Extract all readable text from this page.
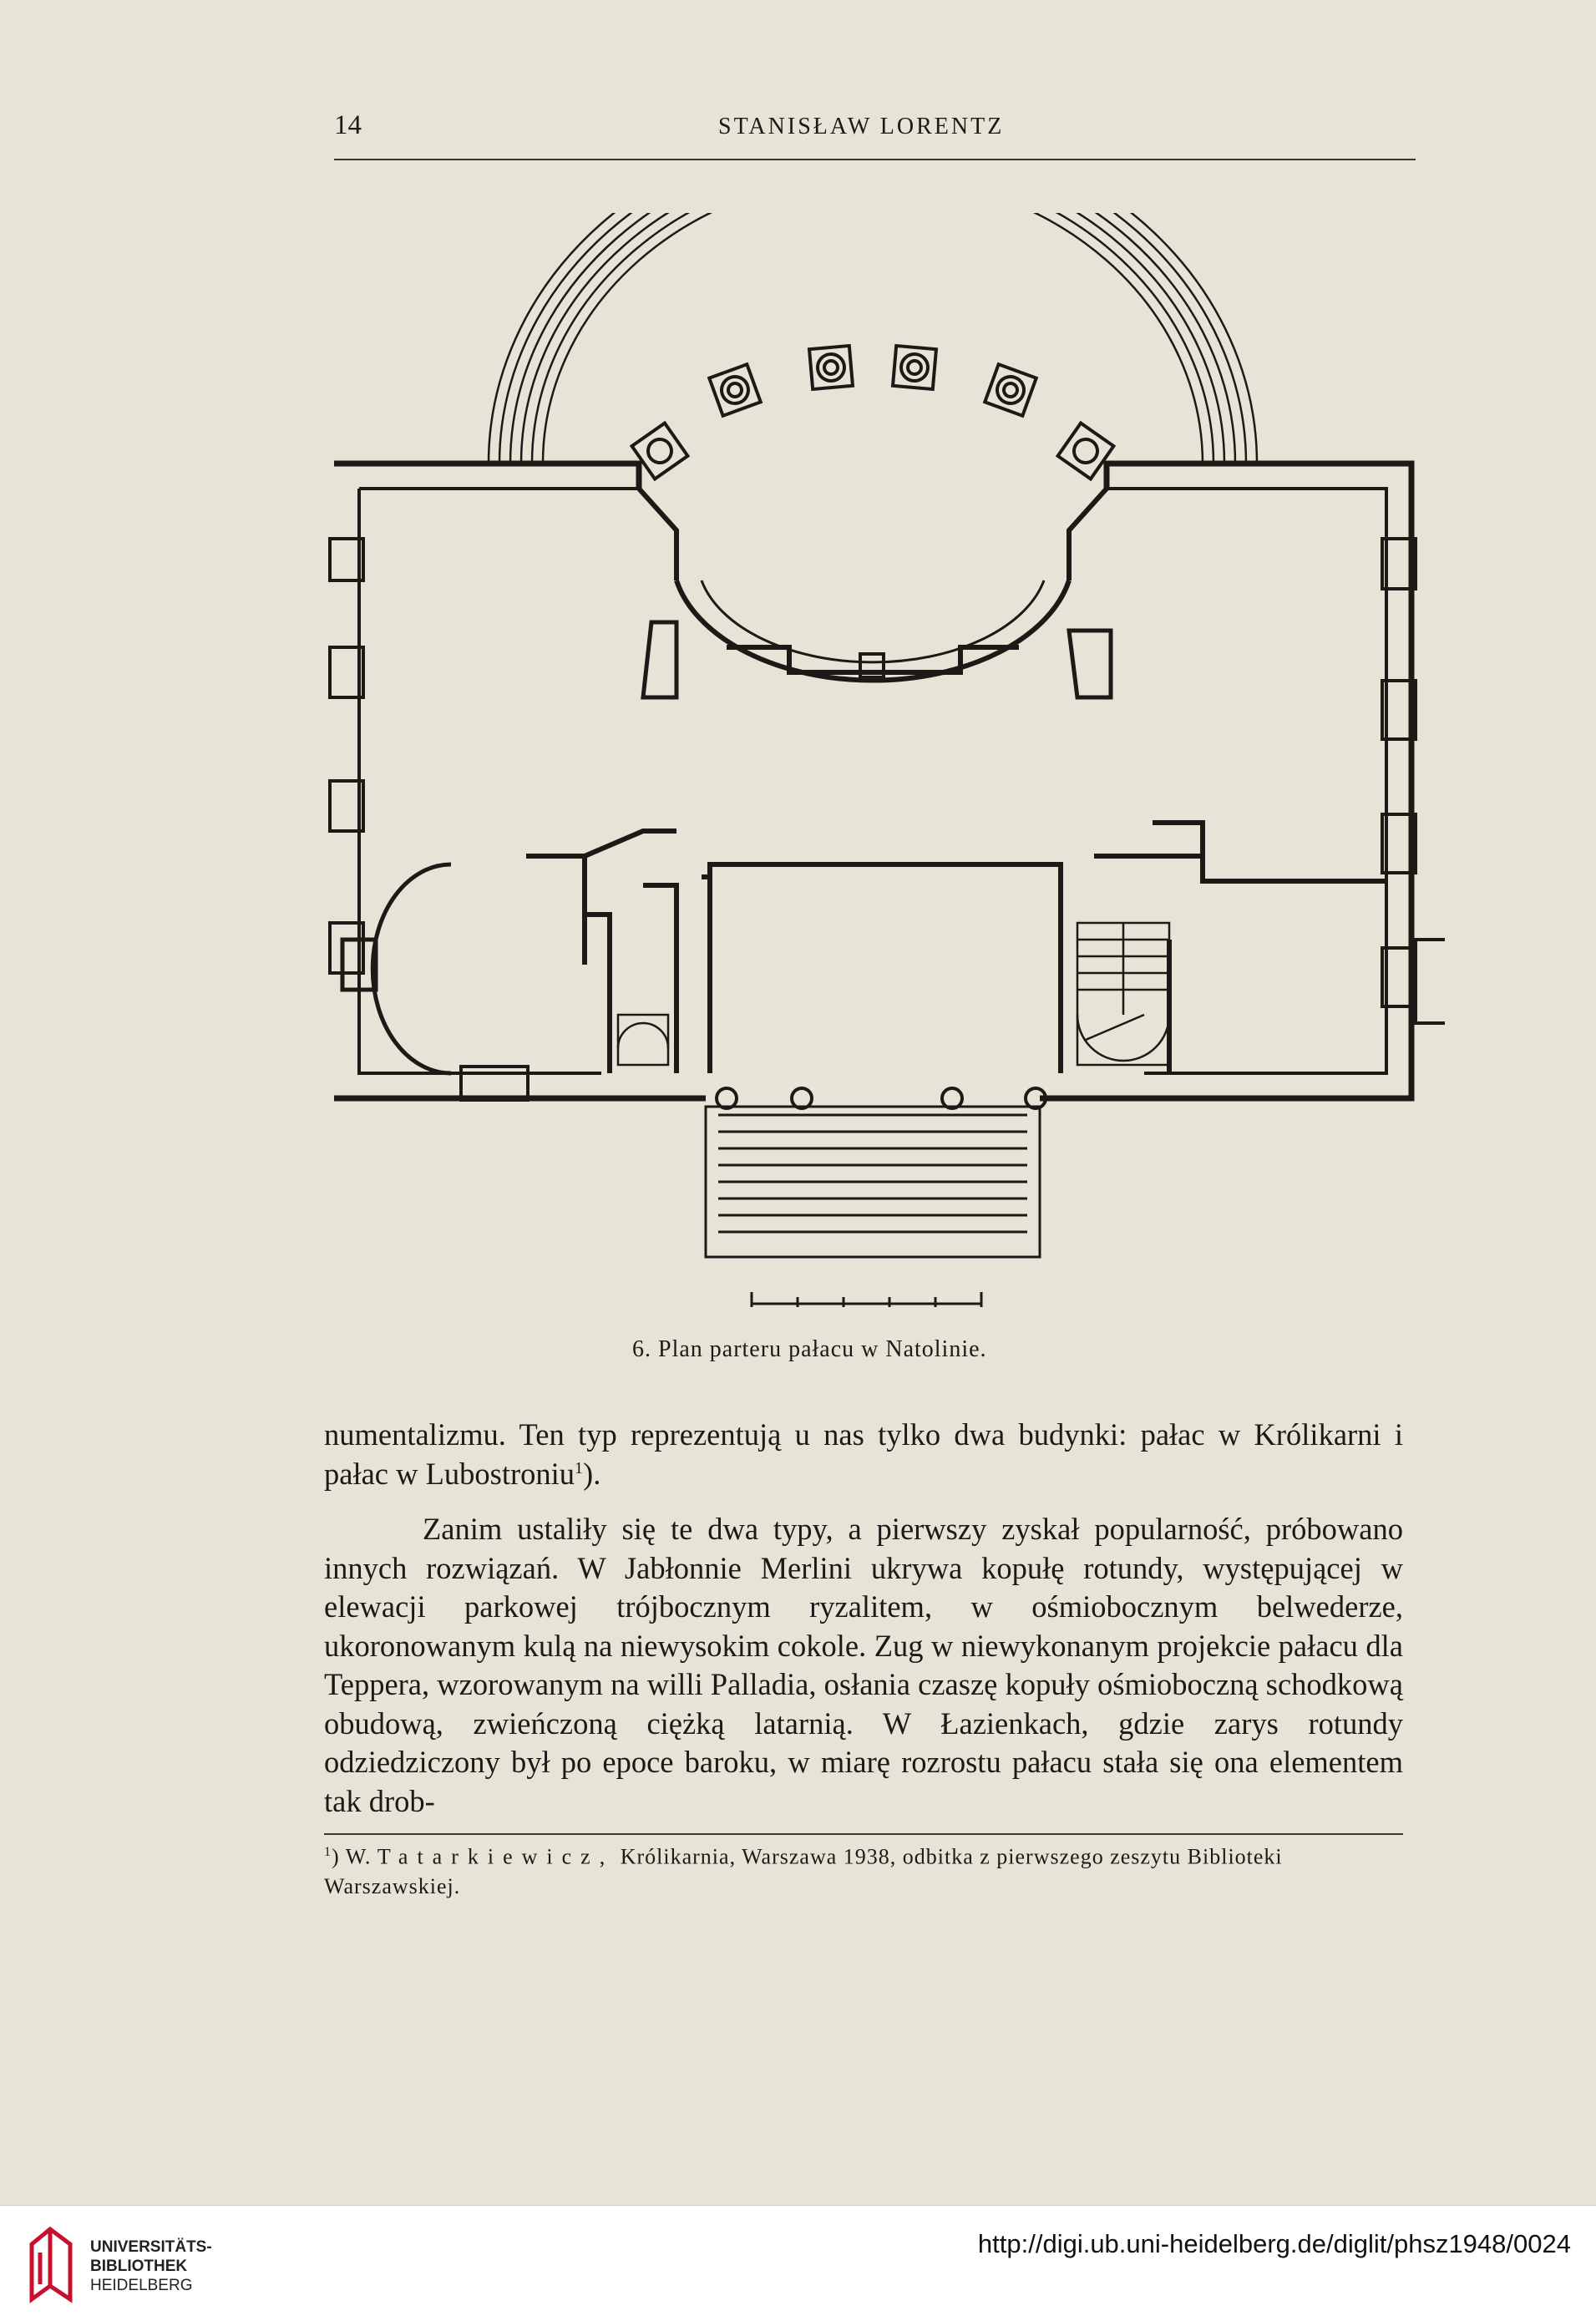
14	STANISŁAW LORENTZ
6. Plan parteru pałacu w Natolinie.

numentalizmu. Ten typ reprezentują u nas tylko dwa budynki: pałac w Królikarni i pałac w Lubostroniu$^1$).

Zanim ustaliły się te dwa typy, a pierwszy zyskał popularność, próbowano innych rozwiązań. W Jabłonnie Merlini ukrywa kopułę rotundy, występującej w elewacji parkowej trójbocznym ryzalitem, w ośmiobocznym belwederze, ukoronowanym kulą na niewysokim cokole. Zug w niewykonanym projekcie pałacu dla Teppera, wzorowanym na willi Palladia, osłania czaszę kopuły ośmioboczną schodkową obudową, zwieńczoną ciężką latarnią. W Łazienkach, gdzie zarys rotundy odziedziczony był po epoce baroku, w miarę rozrostu pałacu stała się ona elementem tak drob-

$^1$) W. Tatarkiewicz, Królikarnia, Warszawa 1938, odbitka z pierwszego zeszytu Biblioteki Warszawskiej.
UNIVERSITÄTS-
BIBLIOTHEK
HEIDELBERG
http://digi.ub.uni-heidelberg.de/diglit/phsz1948/0024
